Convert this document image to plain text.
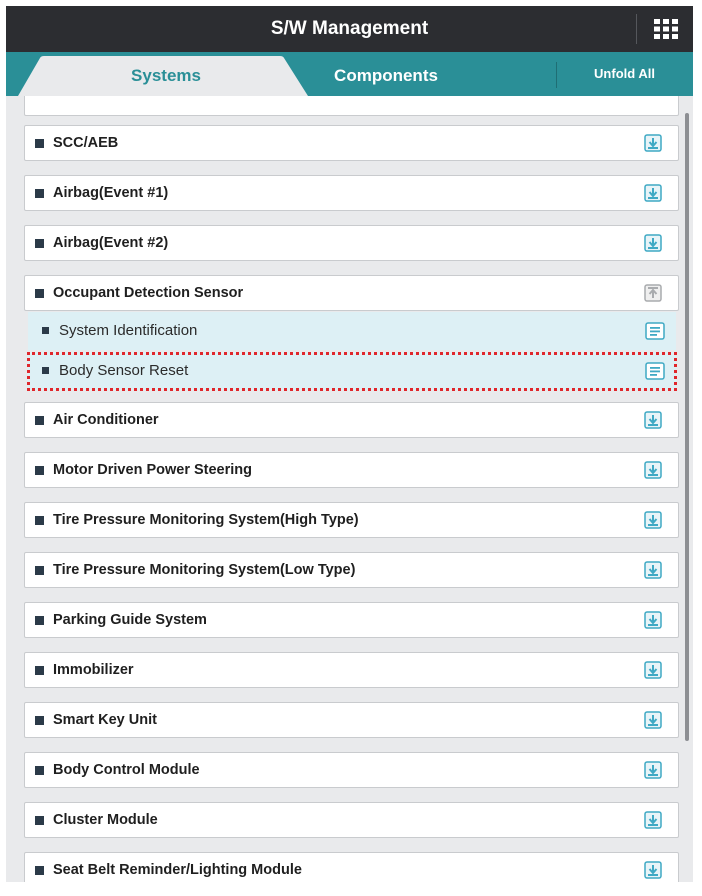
S/W Management
Systems	Components	Unfold All
SCC/AEB
Airbag(Event #1)
Airbag(Event #2)
Occupant Detection Sensor
System Identification
Body Sensor Reset
Air Conditioner
Motor Driven Power Steering
Tire Pressure Monitoring System(High Type)
Tire Pressure Monitoring System(Low Type)
Parking Guide System
Immobilizer
Smart Key Unit
Body Control Module
Cluster Module
Seat Belt Reminder/Lighting Module
